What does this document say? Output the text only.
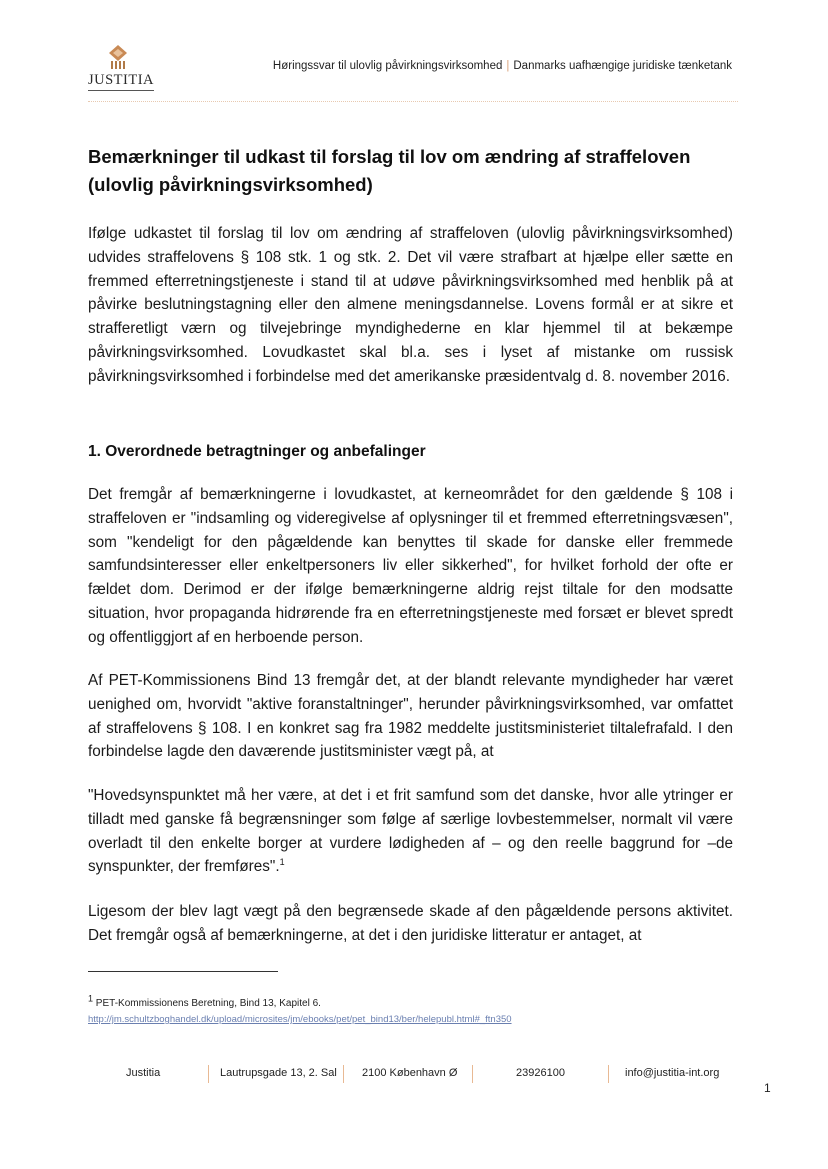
JUSTITIA
Høringssvar til ulovlig påvirkningsvirksomhed | Danmarks uafhængige juridiske tænketank
Bemærkninger til udkast til forslag til lov om ændring af straffeloven (ulovlig påvirkningsvirksomhed)

Ifølge udkastet til forslag til lov om ændring af straffeloven (ulovlig påvirkningsvirksomhed) udvides straffelovens § 108 stk. 1 og stk. 2. Det vil være strafbart at hjælpe eller sætte en fremmed efterretningstjeneste i stand til at udøve påvirkningsvirksomhed med henblik på at påvirke beslutningstagning eller den almene meningsdannelse. Lovens formål er at sikre et strafferetligt værn og tilvejebringe myndighederne en klar hjemmel til at bekæmpe påvirkningsvirksomhed. Lovudkastet skal bl.a. ses i lyset af mistanke om russisk påvirkningsvirksomhed i forbindelse med det amerikanske præsidentvalg d. 8. november 2016.

1. Overordnede betragtninger og anbefalinger

Det fremgår af bemærkningerne i lovudkastet, at kerneområdet for den gældende § 108 i straffeloven er "indsamling og videregivelse af oplysninger til et fremmed efterretningsvæsen", som "kendeligt for den pågældende kan benyttes til skade for danske eller fremmede samfundsinteresser eller enkeltpersoners liv eller sikkerhed", for hvilket forhold der ofte er fældet dom. Derimod er der ifølge bemærkningerne aldrig rejst tiltale for den modsatte situation, hvor propaganda hidrørende fra en efterretningstjeneste med forsæt er blevet spredt og offentliggjort af en herboende person.

Af PET-Kommissionens Bind 13 fremgår det, at der blandt relevante myndigheder har været uenighed om, hvorvidt "aktive foranstaltninger", herunder påvirkningsvirksomhed, var omfattet af straffelovens § 108. I en konkret sag fra 1982 meddelte justitsministeriet tiltalefrafald. I den forbindelse lagde den daværende justitsminister vægt på, at

"Hovedsynspunktet må her være, at det i et frit samfund som det danske, hvor alle ytringer er tilladt med ganske få begrænsninger som følge af særlige lovbestemmelser, normalt vil være overladt til den enkelte borger at vurdere lødigheden af – og den reelle baggrund for –de synspunkter, der fremføres".$^1$

Ligesom der blev lagt vægt på den begrænsede skade af den pågældende persons aktivitet. Det fremgår også af bemærkningerne, at det i den juridiske litteratur er antaget, at

$^1$ PET-Kommissionens Beretning, Bind 13, Kapitel 6.
http://jm.schultzboghandel.dk/upload/microsites/jm/ebooks/pet/pet_bind13/ber/helepubl.html#_ftn350
Justitia	Lautrupsgade 13, 2. Sal 2100 København Ø	23926100	info@justitia-int.org
1
